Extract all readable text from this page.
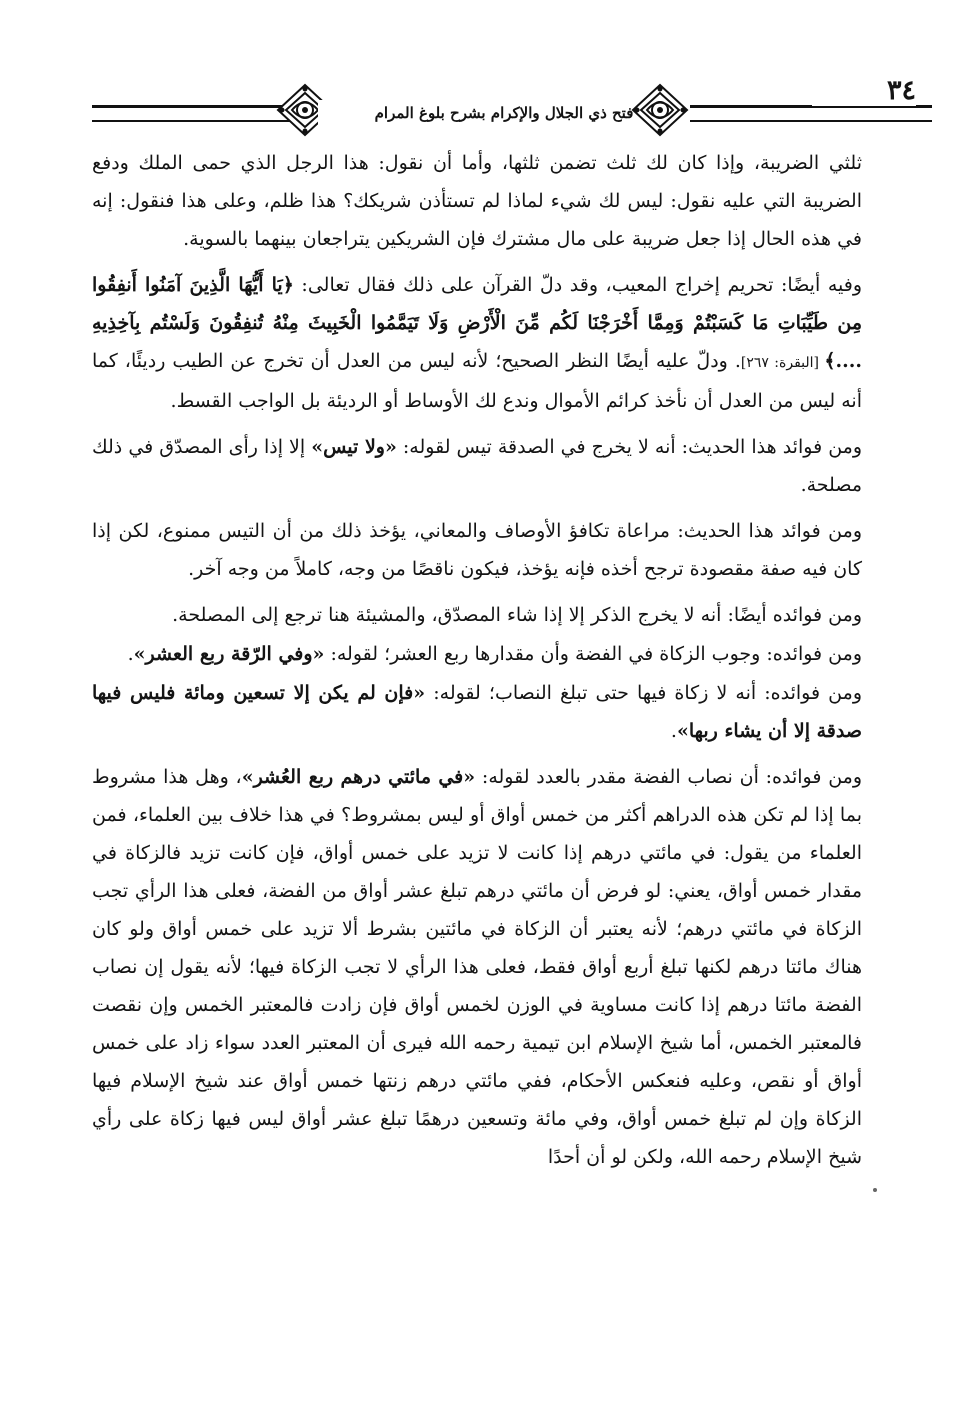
فتح ذي الجلال والإكرام بشرح بلوغ المرام
٣٤

ثلثي الضريبة، وإذا كان لك ثلث تضمن ثلثها، وأما أن نقول: هذا الرجل الذي حمى الملك ودفع الضريبة التي عليه نقول: ليس لك شيء لماذا لم تستأذن شريكك؟ هذا ظلم، وعلى هذا فنقول: إنه في هذه الحال إذا جعل ضريبة على مال مشترك فإن الشريكين يتراجعان بينهما بالسوية.

وفيه أيضًا: تحريم إخراج المعيب، وقد دلّ القرآن على ذلك فقال تعالى: ﴿يَا أَيُّهَا الَّذِينَ آمَنُوا أَنفِقُوا مِن طَيِّبَاتِ مَا كَسَبْتُمْ وَمِمَّا أَخْرَجْنَا لَكُم مِّنَ الْأَرْضِ وَلَا تَيَمَّمُوا الْخَبِيثَ مِنْهُ تُنفِقُونَ وَلَسْتُم بِآخِذِيهِ ....﴾ [البقرة: ٢٦٧]. ودلّ عليه أيضًا النظر الصحيح؛ لأنه ليس من العدل أن تخرج عن الطيب رديئًا، كما أنه ليس من العدل أن نأخذ كرائم الأموال وندع لك الأوساط أو الرديئة بل الواجب القسط.

ومن فوائد هذا الحديث: أنه لا يخرج في الصدقة تيس لقوله: «ولا تيس» إلا إذا رأى المصدّق في ذلك مصلحة.

ومن فوائد هذا الحديث: مراعاة تكافؤ الأوصاف والمعاني، يؤخذ ذلك من أن التيس ممنوع، لكن إذا كان فيه صفة مقصودة ترجح أخذه فإنه يؤخذ، فيكون ناقصًا من وجه، كاملاً من وجه آخر.

ومن فوائده أيضًا: أنه لا يخرج الذكر إلا إذا شاء المصدّق، والمشيئة هنا ترجع إلى المصلحة.

ومن فوائده: وجوب الزكاة في الفضة وأن مقدارها ربع العشر؛ لقوله: «وفي الرّقة ربع العشر».

ومن فوائده: أنه لا زكاة فيها حتى تبلغ النصاب؛ لقوله: «فإن لم يكن إلا تسعين ومائة فليس فيها صدقة إلا أن يشاء ربها».

ومن فوائده: أن نصاب الفضة مقدر بالعدد لقوله: «في مائتي درهم ربع العُشر»، وهل هذا مشروط بما إذا لم تكن هذه الدراهم أكثر من خمس أواق أو ليس بمشروط؟ في هذا خلاف بين العلماء، فمن العلماء من يقول: في مائتي درهم إذا كانت لا تزيد على خمس أواق، فإن كانت تزيد فالزكاة في مقدار خمس أواق، يعني: لو فرض أن مائتي درهم تبلغ عشر أواق من الفضة، فعلى هذا الرأي تجب الزكاة في مائتي درهم؛ لأنه يعتبر أن الزكاة في مائتين بشرط ألا تزيد على خمس أواق ولو كان هناك مائتا درهم لكنها تبلغ أربع أواق فقط، فعلى هذا الرأي لا تجب الزكاة فيها؛ لأنه يقول إن نصاب الفضة مائتا درهم إذا كانت مساوية في الوزن لخمس أواق فإن زادت فالمعتبر الخمس وإن نقصت فالمعتبر الخمس، أما شيخ الإسلام ابن تيمية رحمه الله فيرى أن المعتبر العدد سواء زاد على خمس أواق أو نقص، وعليه فنعكس الأحكام، ففي مائتي درهم زنتها خمس أواق عند شيخ الإسلام فيها الزكاة وإن لم تبلغ خمس أواق، وفي مائة وتسعين درهمًا تبلغ عشر أواق ليس فيها زكاة على رأي شيخ الإسلام رحمه الله، ولكن لو أن أحدًا
